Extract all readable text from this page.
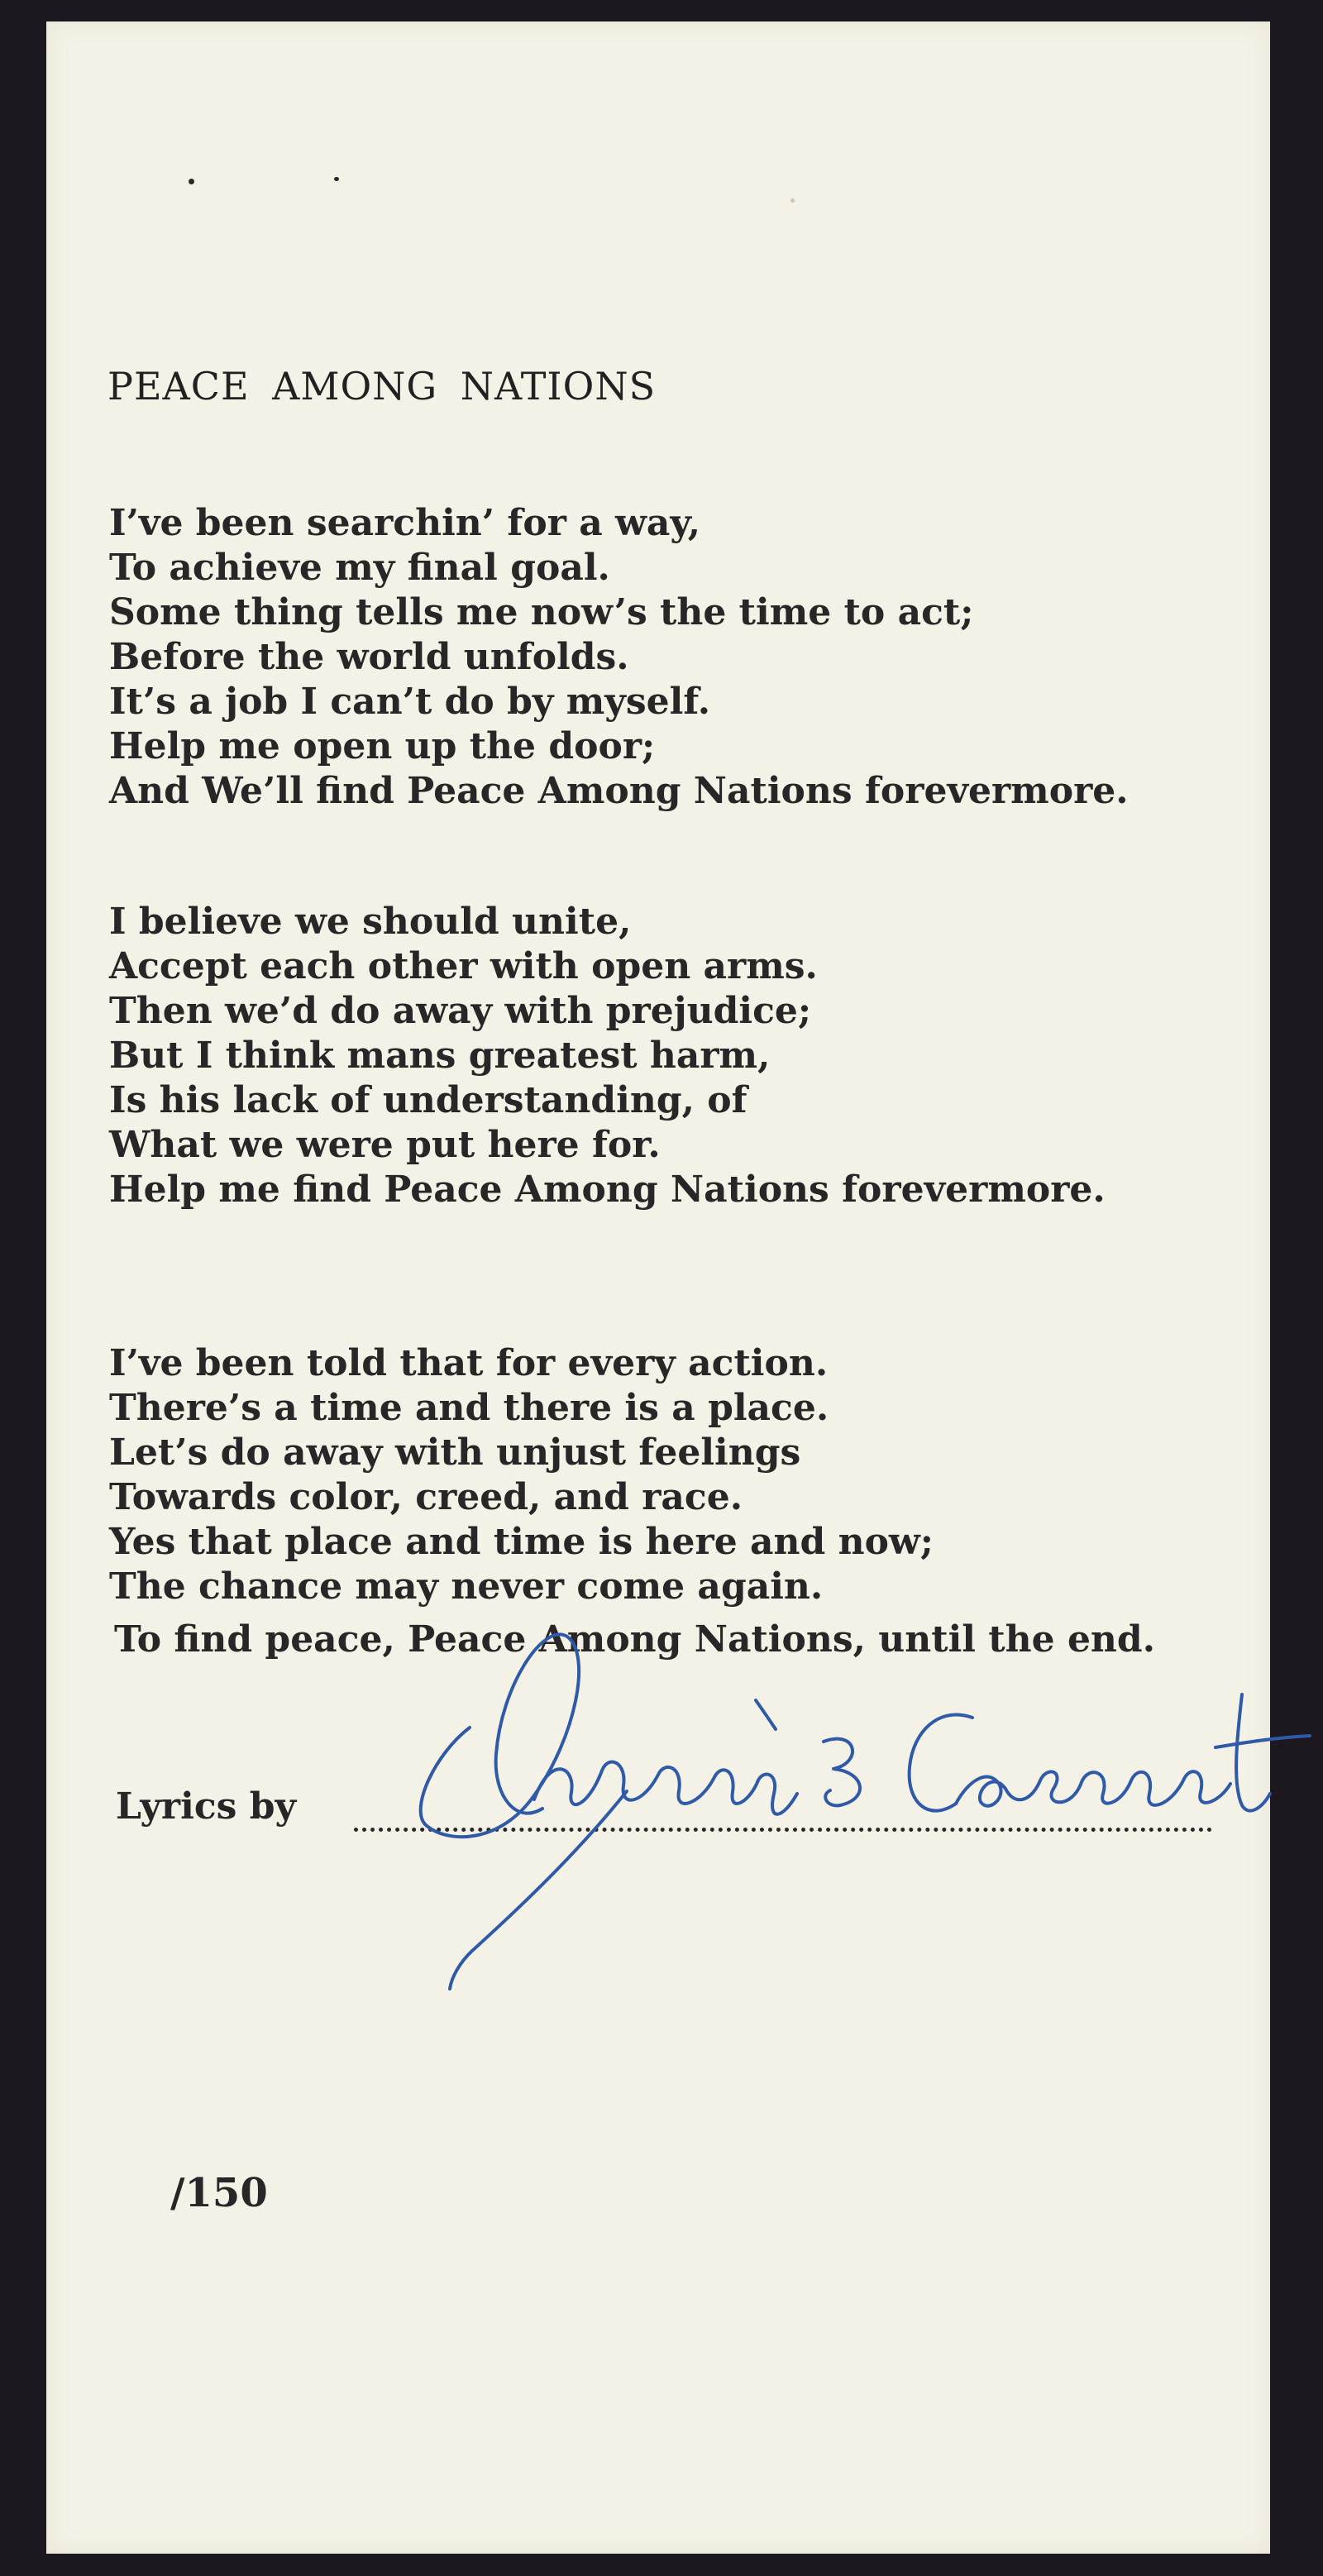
PEACE AMONG NATIONS
I’ve been searchin’ for a way,
To achieve my final goal.
Some thing tells me now’s the time to act;
Before the world unfolds.
It’s a job I can’t do by myself.
Help me open up the door;
And We’ll find Peace Among Nations forevermore.
I believe we should unite,
Accept each other with open arms.
Then we’d do away with prejudice;
But I think mans greatest harm,
Is his lack of understanding, of
What we were put here for.
Help me find Peace Among Nations forevermore.
I’ve been told that for every action.
There’s a time and there is a place.
Let’s do away with unjust feelings
Towards color, creed, and race.
Yes that place and time is here and now;
The chance may never come again.
To find peace, Peace Among Nations, until the end.
Lyrics by
/150
